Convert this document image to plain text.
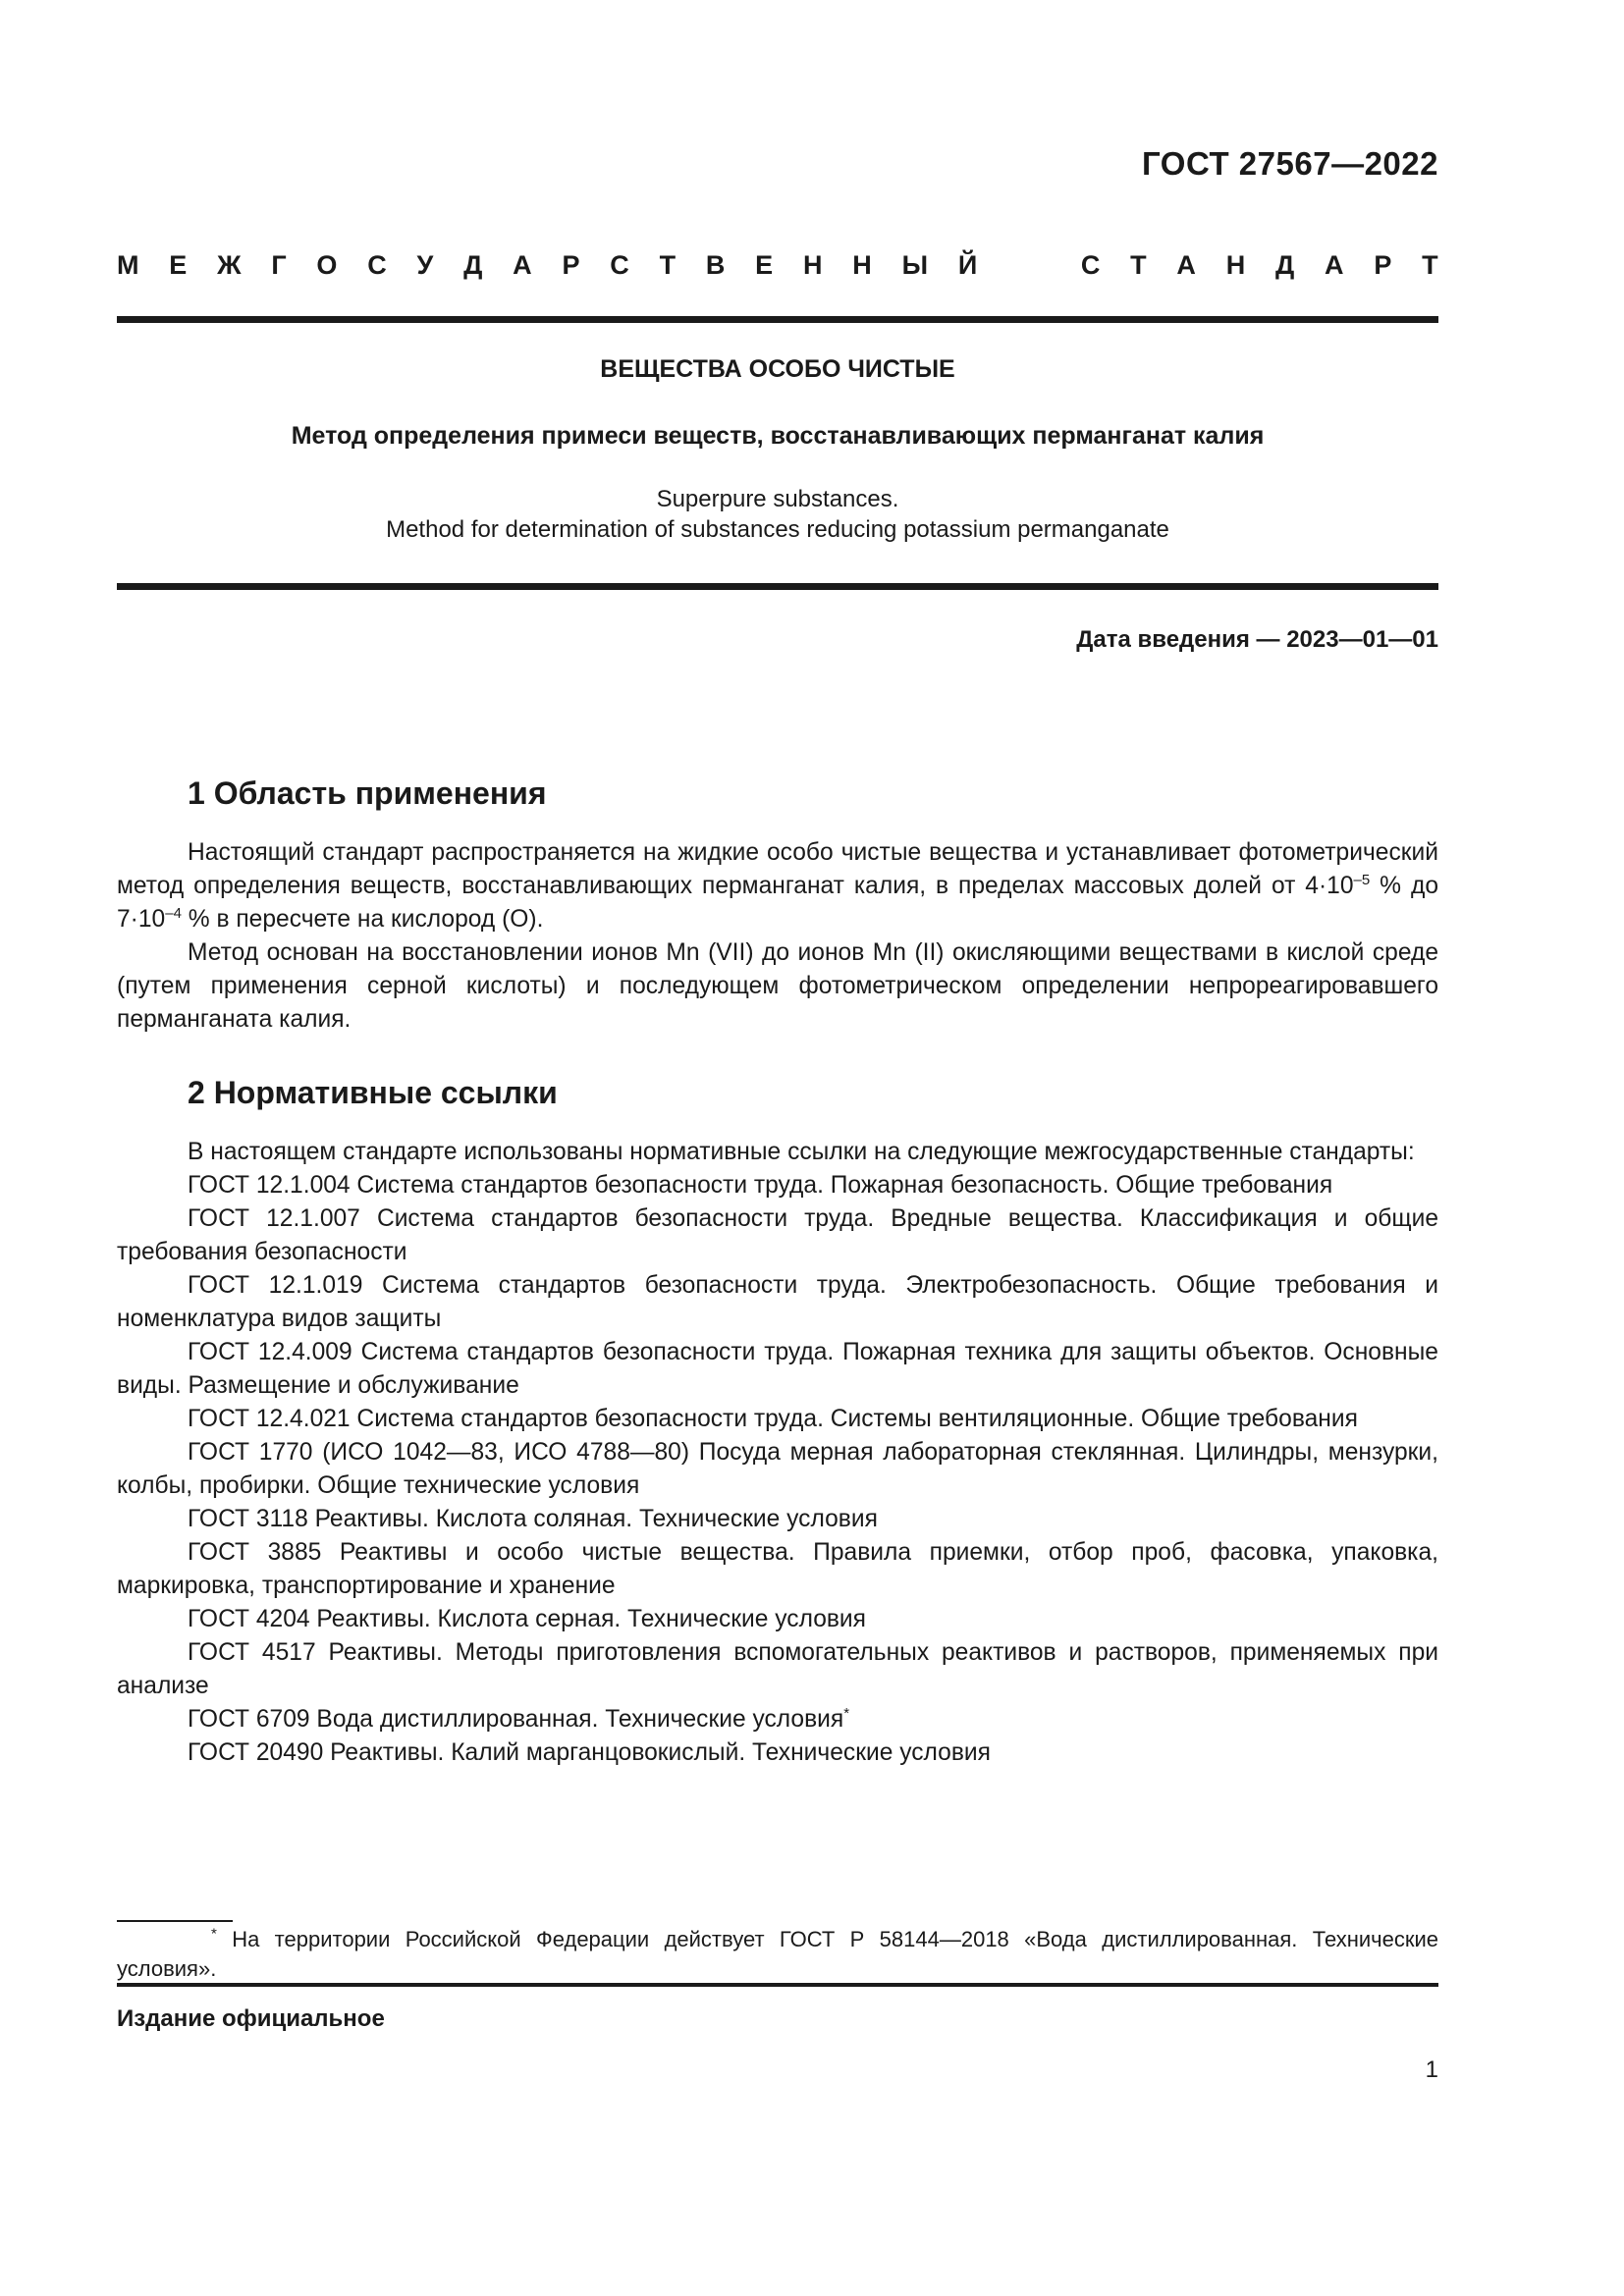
ГОСТ 27567—2022
М Е Ж Г О С У Д А Р С Т В Е Н Н Ы Й	С Т А Н Д А Р Т
ВЕЩЕСТВА ОСОБО ЧИСТЫЕ
Метод определения примеси веществ, восстанавливающих перманганат калия
Superpure substances.
Method for determination of substances reducing potassium permanganate
Дата введения — 2023—01—01
1 Область применения

Настоящий стандарт распространяется на жидкие особо чистые вещества и устанавливает фотометрический метод определения веществ, восстанавливающих перманганат калия, в пределах массовых долей от $4\cdot 10^{-5}$ % до $7\cdot 10^{-4}$ % в пересчете на кислород (О).

Метод основан на восстановлении ионов Mn (VII) до ионов Mn (II) окисляющими веществами в кислой среде (путем применения серной кислоты) и последующем фотометрическом определении непрореагировавшего перманганата калия.

2 Нормативные ссылки

В настоящем стандарте использованы нормативные ссылки на следующие межгосударственные стандарты:

ГОСТ 12.1.004 Система стандартов безопасности труда. Пожарная безопасность. Общие требования

ГОСТ 12.1.007 Система стандартов безопасности труда. Вредные вещества. Классификация и общие требования безопасности

ГОСТ 12.1.019 Система стандартов безопасности труда. Электробезопасность. Общие требования и номенклатура видов защиты

ГОСТ 12.4.009 Система стандартов безопасности труда. Пожарная техника для защиты объектов. Основные виды. Размещение и обслуживание

ГОСТ 12.4.021 Система стандартов безопасности труда. Системы вентиляционные. Общие требования

ГОСТ 1770 (ИСО 1042—83, ИСО 4788—80) Посуда мерная лабораторная стеклянная. Цилиндры, мензурки, колбы, пробирки. Общие технические условия

ГОСТ 3118 Реактивы. Кислота соляная. Технические условия

ГОСТ 3885 Реактивы и особо чистые вещества. Правила приемки, отбор проб, фасовка, упаковка, маркировка, транспортирование и хранение

ГОСТ 4204 Реактивы. Кислота серная. Технические условия

ГОСТ 4517 Реактивы. Методы приготовления вспомогательных реактивов и растворов, применяемых при анализе

ГОСТ 6709 Вода дистиллированная. Технические условия*

ГОСТ 20490 Реактивы. Калий марганцовокислый. Технические условия

* На территории Российской Федерации действует ГОСТ Р 58144—2018 «Вода дистиллированная. Технические условия».

Издание официальное
1
